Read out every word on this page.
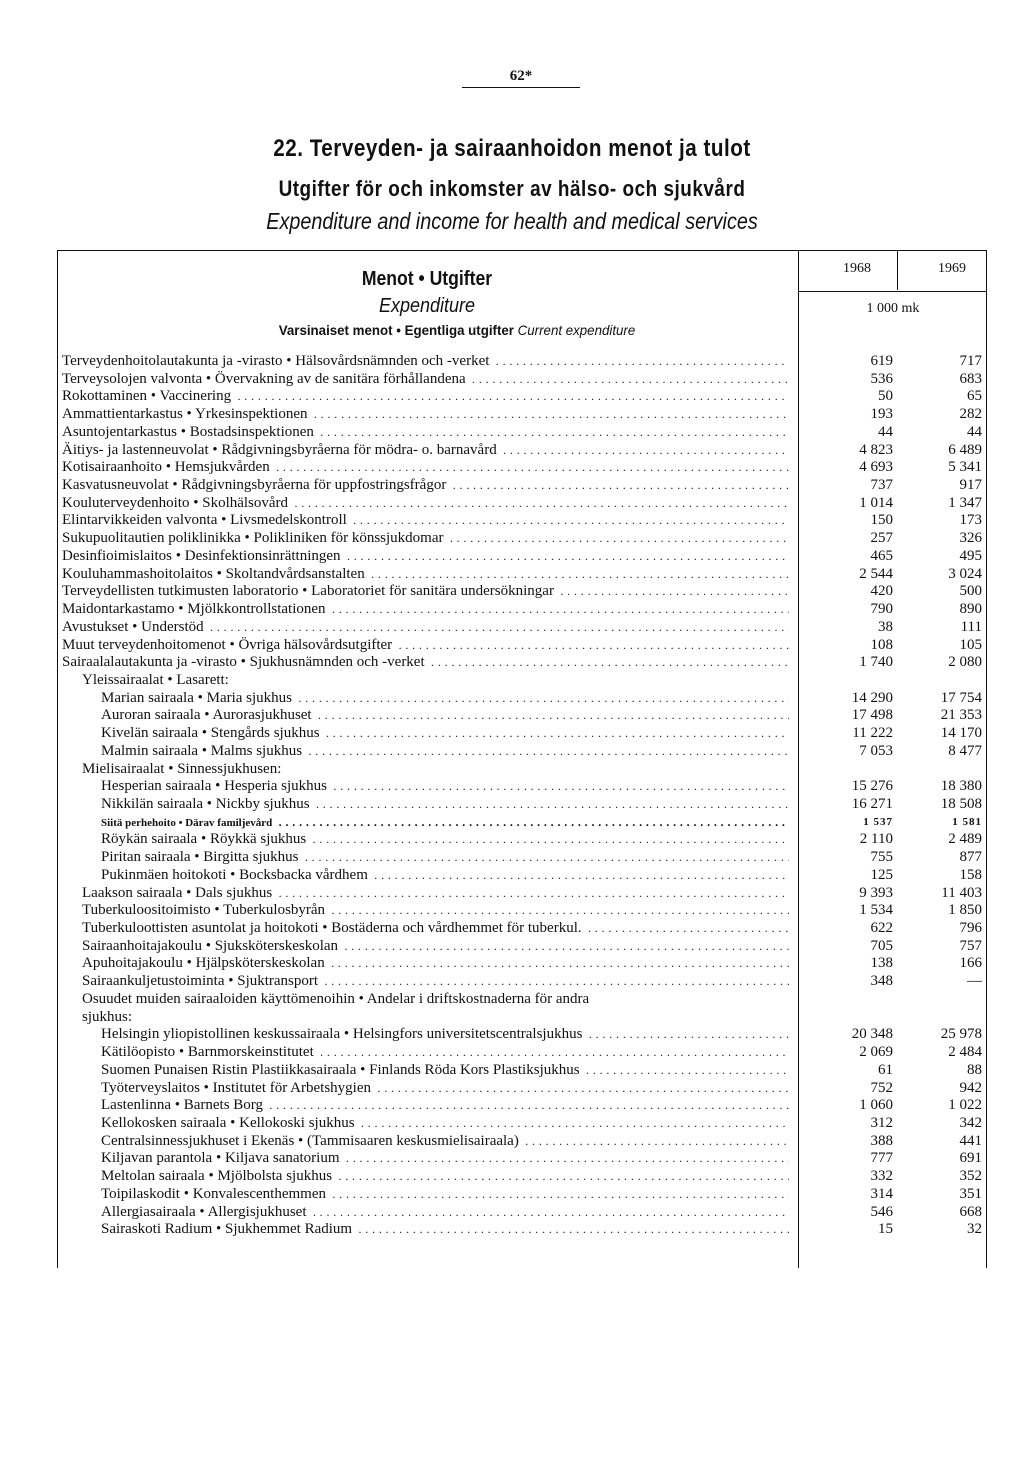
62*
22. Terveyden- ja sairaanhoidon menot ja tulot
Utgifter för och inkomster av hälso- och sjukvård
Expenditure and income for health and medical services
Menot • Utgifter
Expenditure
Varsinaiset menot • Egentliga utgifter Current expenditure
1968	1969
1 000 mk
Terveydenhoitolautakunta ja -virasto • Hälsovårdsnämnden och -verket . . .	619	717
Terveysolojen valvonta • Övervakning av de sanitära förhållandena . . .	536	683
Rokottaminen • Vaccinering . . .	50	65
Ammattientarkastus • Yrkesinspektionen . . .	193	282
Asuntojentarkastus • Bostadsinspektionen . . .	44	44
Äitiys- ja lastenneuvolat • Rådgivningsbyråerna för mödra- o. barnavård . . .	4 823	6 489
Kotisairaanhoito • Hemsjukvården . . .	4 693	5 341
Kasvatusneuvolat • Rådgivningsbyråerna för uppfostringsfrågor . . .	737	917
Kouluterveydenhoito • Skolhälsovård . . .	1 014	1 347
Elintarvikkeiden valvonta • Livsmedelskontroll . . .	150	173
Sukupuolitautien poliklinikka • Polikliniken för könssjukdomar . . .	257	326
Desinfioimislaitos • Desinfektionsinrättningen . . .	465	495
Kouluhammashoitolaitos • Skoltandvårdsanstalten . . .	2 544	3 024
Terveydellisten tutkimusten laboratorio • Laboratoriet för sanitära undersökningar . . .	420	500
Maidontarkastamo • Mjölkkontrollstationen . . .	790	890
Avustukset • Understöd . . .	38	111
Muut terveydenhoitomenot • Övriga hälsovårdsutgifter . . .	108	105
Sairaalalautakunta ja -virasto • Sjukhusnämnden och -verket . . .	1 740	2 080
Yleissairaalat • Lasarett:
Marian sairaala • Maria sjukhus . . .	14 290	17 754
Auroran sairaala • Aurorasjukhuset . . .	17 498	21 353
Kivelän sairaala • Stengårds sjukhus . . .	11 222	14 170
Malmin sairaala • Malms sjukhus . . .	7 053	8 477
Mielisairaalat • Sinnessjukhusen:
Hesperian sairaala • Hesperia sjukhus . . .	15 276	18 380
Nikkilän sairaala • Nickby sjukhus . . .	16 271	18 508
Siitä perhehoito • Därav familjevård . . .	1 537	1 581
Röykän sairaala • Röykkä sjukhus . . .	2 110	2 489
Piritan sairaala • Birgitta sjukhus . . .	755	877
Pukinmäen hoitokoti • Bocksbacka vårdhem . . .	125	158
Laakson sairaala • Dals sjukhus . . .	9 393	11 403
Tuberkuloositoimisto • Tuberkulosbyrån . . .	1 534	1 850
Tuberkuloottisten asuntolat ja hoitokoti • Bostäderna och vårdhemmet för tuberkul. . . .	622	796
Sairaanhoitajakoulu • Sjuksköterskeskolan . . .	705	757
Apuhoitajakoulu • Hjälpsköterskeskolan . . .	138	166
Sairaankuljetustoiminta • Sjuktransport . . .	348	—
Osuudet muiden sairaaloiden käyttömenoihin • Andelar i driftskostnaderna för andra
sjukhus:
Helsingin yliopistollinen keskussairaala • Helsingfors universitetscentralsjukhus . . .	20 348	25 978
Kätilöopisto • Barnmorskeinstitutet . . .	2 069	2 484
Suomen Punaisen Ristin Plastiikkasairaala • Finlands Röda Kors Plastiksjukhus . . .	61	88
Työterveyslaitos • Institutet för Arbetshygien . . .	752	942
Lastenlinna • Barnets Borg . . .	1 060	1 022
Kellokosken sairaala • Kellokoski sjukhus . . .	312	342
Centralsinnessjukhuset i Ekenäs • (Tammisaaren keskusmielisairaala) . . .	388	441
Kiljavan parantola • Kiljava sanatorium . . .	777	691
Meltolan sairaala • Mjölbolsta sjukhus . . .	332	352
Toipilaskodit • Konvalescenthemmen . . .	314	351
Allergiasairaala • Allergisjukhuset . . .	546	668
Sairaskoti Radium • Sjukhemmet Radium . . .	15	32
